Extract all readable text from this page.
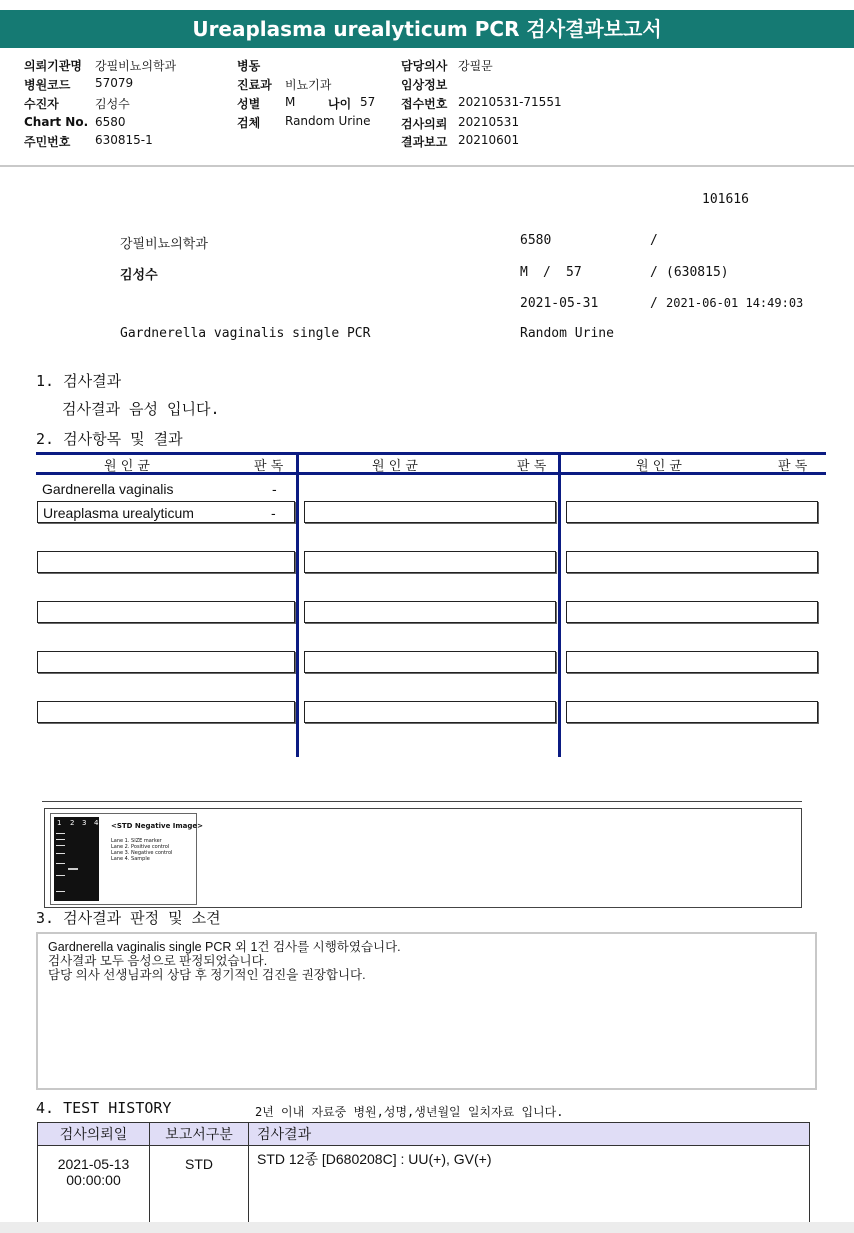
Ureaplasma urealyticum PCR 검사결과보고서
의뢰기관명 강필비뇨의학과
병원코드 57079
수진자	김성수
Chart No. 6580
주민번호 630815-1
병동
진료과 비뇨기과
성별 M	나이 57
검체 Random Urine
담당의사 강필문
임상정보
접수번호 20210531-71551
검사의뢰 20210531
결과보고 20210601
101616
강필비뇨의학과	6580	/
김성수	M / 57	/ (630815)
2021-05-31	/ 2021-06-01 14:49:03
Gardnerella vaginalis single PCR	Random Urine
1. 검사결과
검사결과 음성 입니다.
2. 검사항목 및 결과
원 인 균	판 독	원 인 균	판 독	원 인 균	판 독
Gardnerella vaginalis	-
Ureaplasma urealyticum	-
1 2 3 4 <STD Negative Image>
Lane 1. SIZE marker
Lane 2. Positive control
Lane 3. Negative control
Lane 4. Sample
3. 검사결과 판정 및 소견
Gardnerella vaginalis single PCR 외 1건 검사를 시행하였습니다.
검사결과 모두 음성으로 판정되었습니다.
담당 의사 선생님과의 상담 후 정기적인 검진을 권장합니다.
4. TEST HISTORY	2년 이내 자료중 병원,성명,생년월일 일치자료 입니다.
검사의뢰일	보고서구분	검사결과

2021-05-13
00:00:00	STD	STD 12종 [D680208C] : UU(+), GV(+)
